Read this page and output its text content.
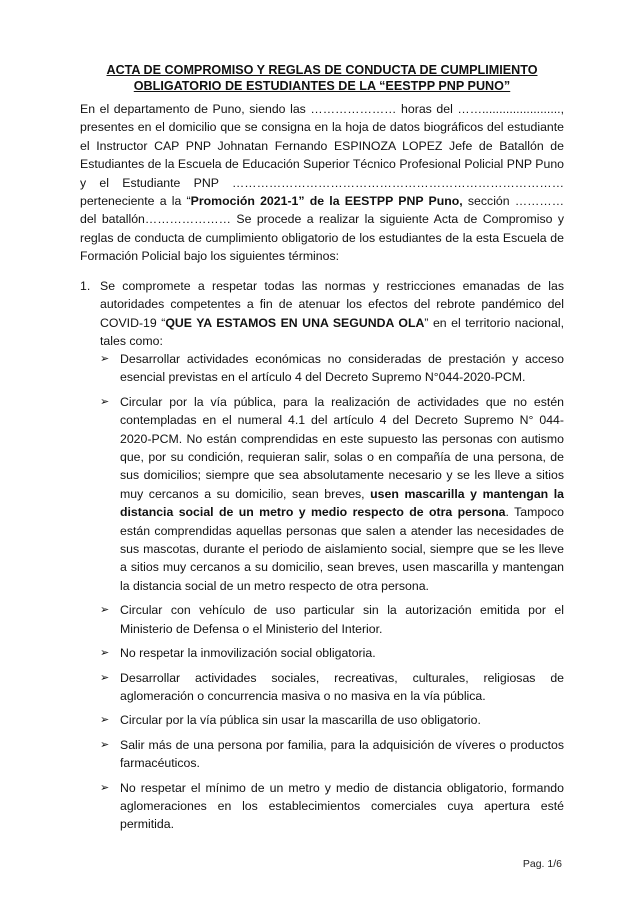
ACTA DE COMPROMISO Y REGLAS DE CONDUCTA DE CUMPLIMIENTO
OBLIGATORIO DE ESTUDIANTES DE LA “EESTPP PNP PUNO”
En el departamento de Puno, siendo las ………………… horas del ……......................., presentes en el domicilio que se consigna en la hoja de datos biográficos del estudiante el Instructor CAP PNP Johnatan Fernando ESPINOZA LOPEZ Jefe de Batallón de Estudiantes de la Escuela de Educación Superior Técnico Profesional Policial PNP Puno y el Estudiante PNP ……………………………………………………………………… perteneciente a la “Promoción 2021-1” de la EESTPP PNP Puno, sección ………… del batallón………………… Se procede a realizar la siguiente Acta de Compromiso y reglas de conducta de cumplimiento obligatorio de los estudiantes de la esta Escuela de Formación Policial bajo los siguientes términos:
1. Se compromete a respetar todas las normas y restricciones emanadas de las autoridades competentes a fin de atenuar los efectos del rebrote pandémico del COVID-19 “QUE YA ESTAMOS EN UNA SEGUNDA OLA” en el territorio nacional, tales como:
➢ Desarrollar actividades económicas no consideradas de prestación y acceso esencial previstas en el artículo 4 del Decreto Supremo N°044-2020-PCM.
➢ Circular por la vía pública, para la realización de actividades que no estén contempladas en el numeral 4.1 del artículo 4 del Decreto Supremo N° 044-2020-PCM. No están comprendidas en este supuesto las personas con autismo que, por su condición, requieran salir, solas o en compañía de una persona, de sus domicilios; siempre que sea absolutamente necesario y se les lleve a sitios muy cercanos a su domicilio, sean breves, usen mascarilla y mantengan la distancia social de un metro y medio respecto de otra persona. Tampoco están comprendidas aquellas personas que salen a atender las necesidades de sus mascotas, durante el periodo de aislamiento social, siempre que se les lleve a sitios muy cercanos a su domicilio, sean breves, usen mascarilla y mantengan la distancia social de un metro respecto de otra persona.
➢ Circular con vehículo de uso particular sin la autorización emitida por el Ministerio de Defensa o el Ministerio del Interior.
➢ No respetar la inmovilización social obligatoria.
➢ Desarrollar actividades sociales, recreativas, culturales, religiosas de aglomeración o concurrencia masiva o no masiva en la vía pública.
➢ Circular por la vía pública sin usar la mascarilla de uso obligatorio.
➢ Salir más de una persona por familia, para la adquisición de víveres o productos farmacéuticos.
➢ No respetar el mínimo de un metro y medio de distancia obligatorio, formando aglomeraciones en los establecimientos comerciales cuya apertura esté permitida.
Pag. 1/6
